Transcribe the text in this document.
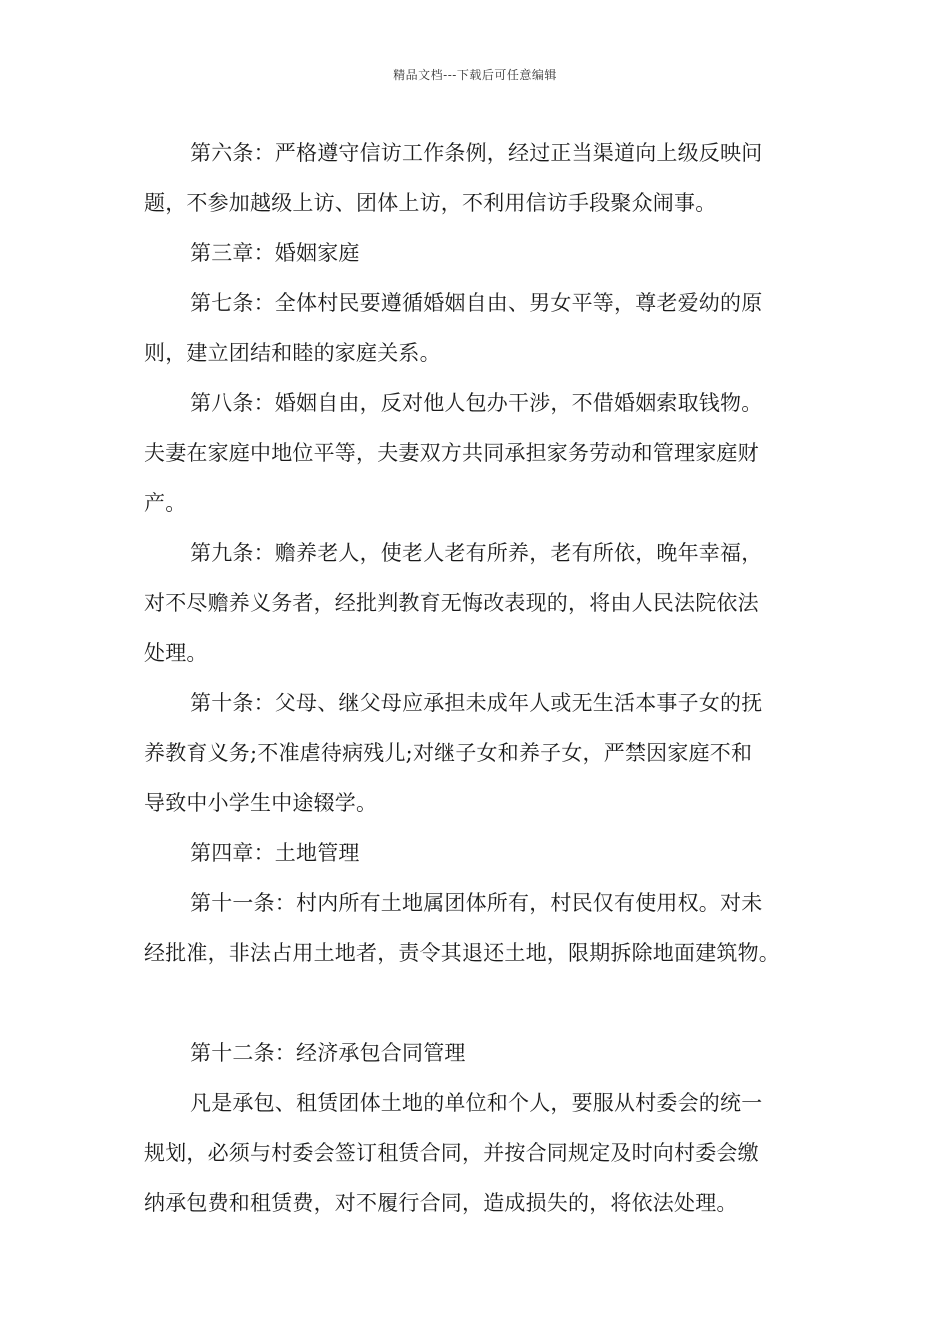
精品文档---下载后可任意编辑
第六条：严格遵守信访工作条例，经过正当渠道向上级反映问
题，不参加越级上访、团体上访，不利用信访手段聚众闹事。
第三章：婚姻家庭
第七条：全体村民要遵循婚姻自由、男女平等，尊老爱幼的原
则，建立团结和睦的家庭关系。
第八条：婚姻自由，反对他人包办干涉，不借婚姻索取钱物。
夫妻在家庭中地位平等，夫妻双方共同承担家务劳动和管理家庭财
产。
第九条：赡养老人，使老人老有所养，老有所依，晚年幸福，
对不尽赡养义务者，经批判教育无悔改表现的，将由人民法院依法
处理。
第十条：父母、继父母应承担未成年人或无生活本事子女的抚
养教育义务;不准虐待病残儿;对继子女和养子女，严禁因家庭不和
导致中小学生中途辍学。
第四章：土地管理
第十一条：村内所有土地属团体所有，村民仅有使用权。对未
经批准，非法占用土地者，责令其退还土地，限期拆除地面建筑物。
第十二条：经济承包合同管理
凡是承包、租赁团体土地的单位和个人，要服从村委会的统一
规划，必须与村委会签订租赁合同，并按合同规定及时向村委会缴
纳承包费和租赁费，对不履行合同，造成损失的，将依法处理。
